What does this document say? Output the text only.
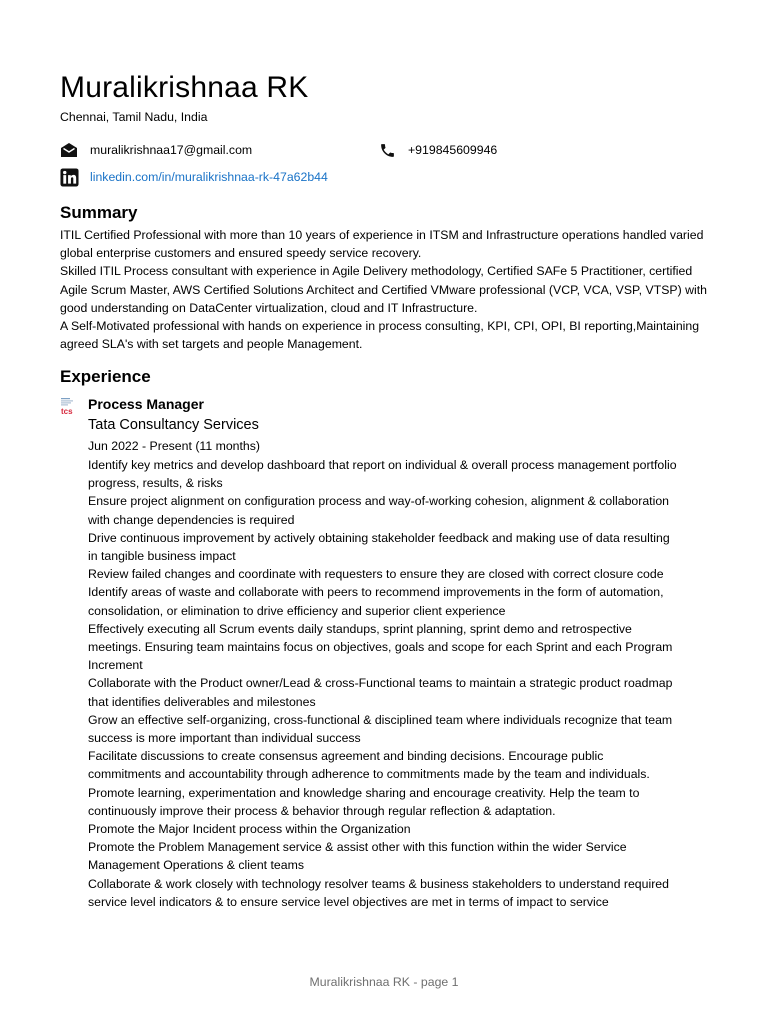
Muralikrishnaa RK
Chennai, Tamil Nadu, India
muralikrishnaa17@gmail.com	+919845609946
linkedin.com/in/muralikrishnaa-rk-47a62b44
Summary

ITIL Certified Professional with more than 10 years of experience in ITSM and Infrastructure operations handled varied global enterprise customers and ensured speedy service recovery.

Skilled ITIL Process consultant with experience in Agile Delivery methodology, Certified SAFe 5 Practitioner, certified Agile Scrum Master, AWS Certified Solutions Architect and Certified VMware professional (VCP, VCA, VSP, VTSP) with good understanding on DataCenter virtualization, cloud and IT Infrastructure.

A Self-Motivated professional with hands on experience in process consulting, KPI, CPI, OPI, BI reporting,Maintaining agreed SLA's with set targets and people Management.

Experience
tcs Process Manager
Tata Consultancy Services
Jun 2022 - Present (11 months)
Identify key metrics and develop dashboard that report on individual & overall process management portfolio progress, results, & risks
Ensure project alignment on configuration process and way-of-working cohesion, alignment & collaboration with change dependencies is required
Drive continuous improvement by actively obtaining stakeholder feedback and making use of data resulting in tangible business impact
Review failed changes and coordinate with requesters to ensure they are closed with correct closure code
Identify areas of waste and collaborate with peers to recommend improvements in the form of automation, consolidation, or elimination to drive efficiency and superior client experience
Effectively executing all Scrum events daily standups, sprint planning, sprint demo and retrospective meetings. Ensuring team maintains focus on objectives, goals and scope for each Sprint and each Program Increment
Collaborate with the Product owner/Lead & cross-Functional teams to maintain a strategic product roadmap that identifies deliverables and milestones
Grow an effective self-organizing, cross-functional & disciplined team where individuals recognize that team success is more important than individual success
Facilitate discussions to create consensus agreement and binding decisions. Encourage public commitments and accountability through adherence to commitments made by the team and individuals.
Promote learning, experimentation and knowledge sharing and encourage creativity. Help the team to continuously improve their process & behavior through regular reflection & adaptation.
Promote the Major Incident process within the Organization
Promote the Problem Management service & assist other with this function within the wider Service Management Operations & client teams
Collaborate & work closely with technology resolver teams & business stakeholders to understand required service level indicators & to ensure service level objectives are met in terms of impact to service
Muralikrishnaa RK - page 1
